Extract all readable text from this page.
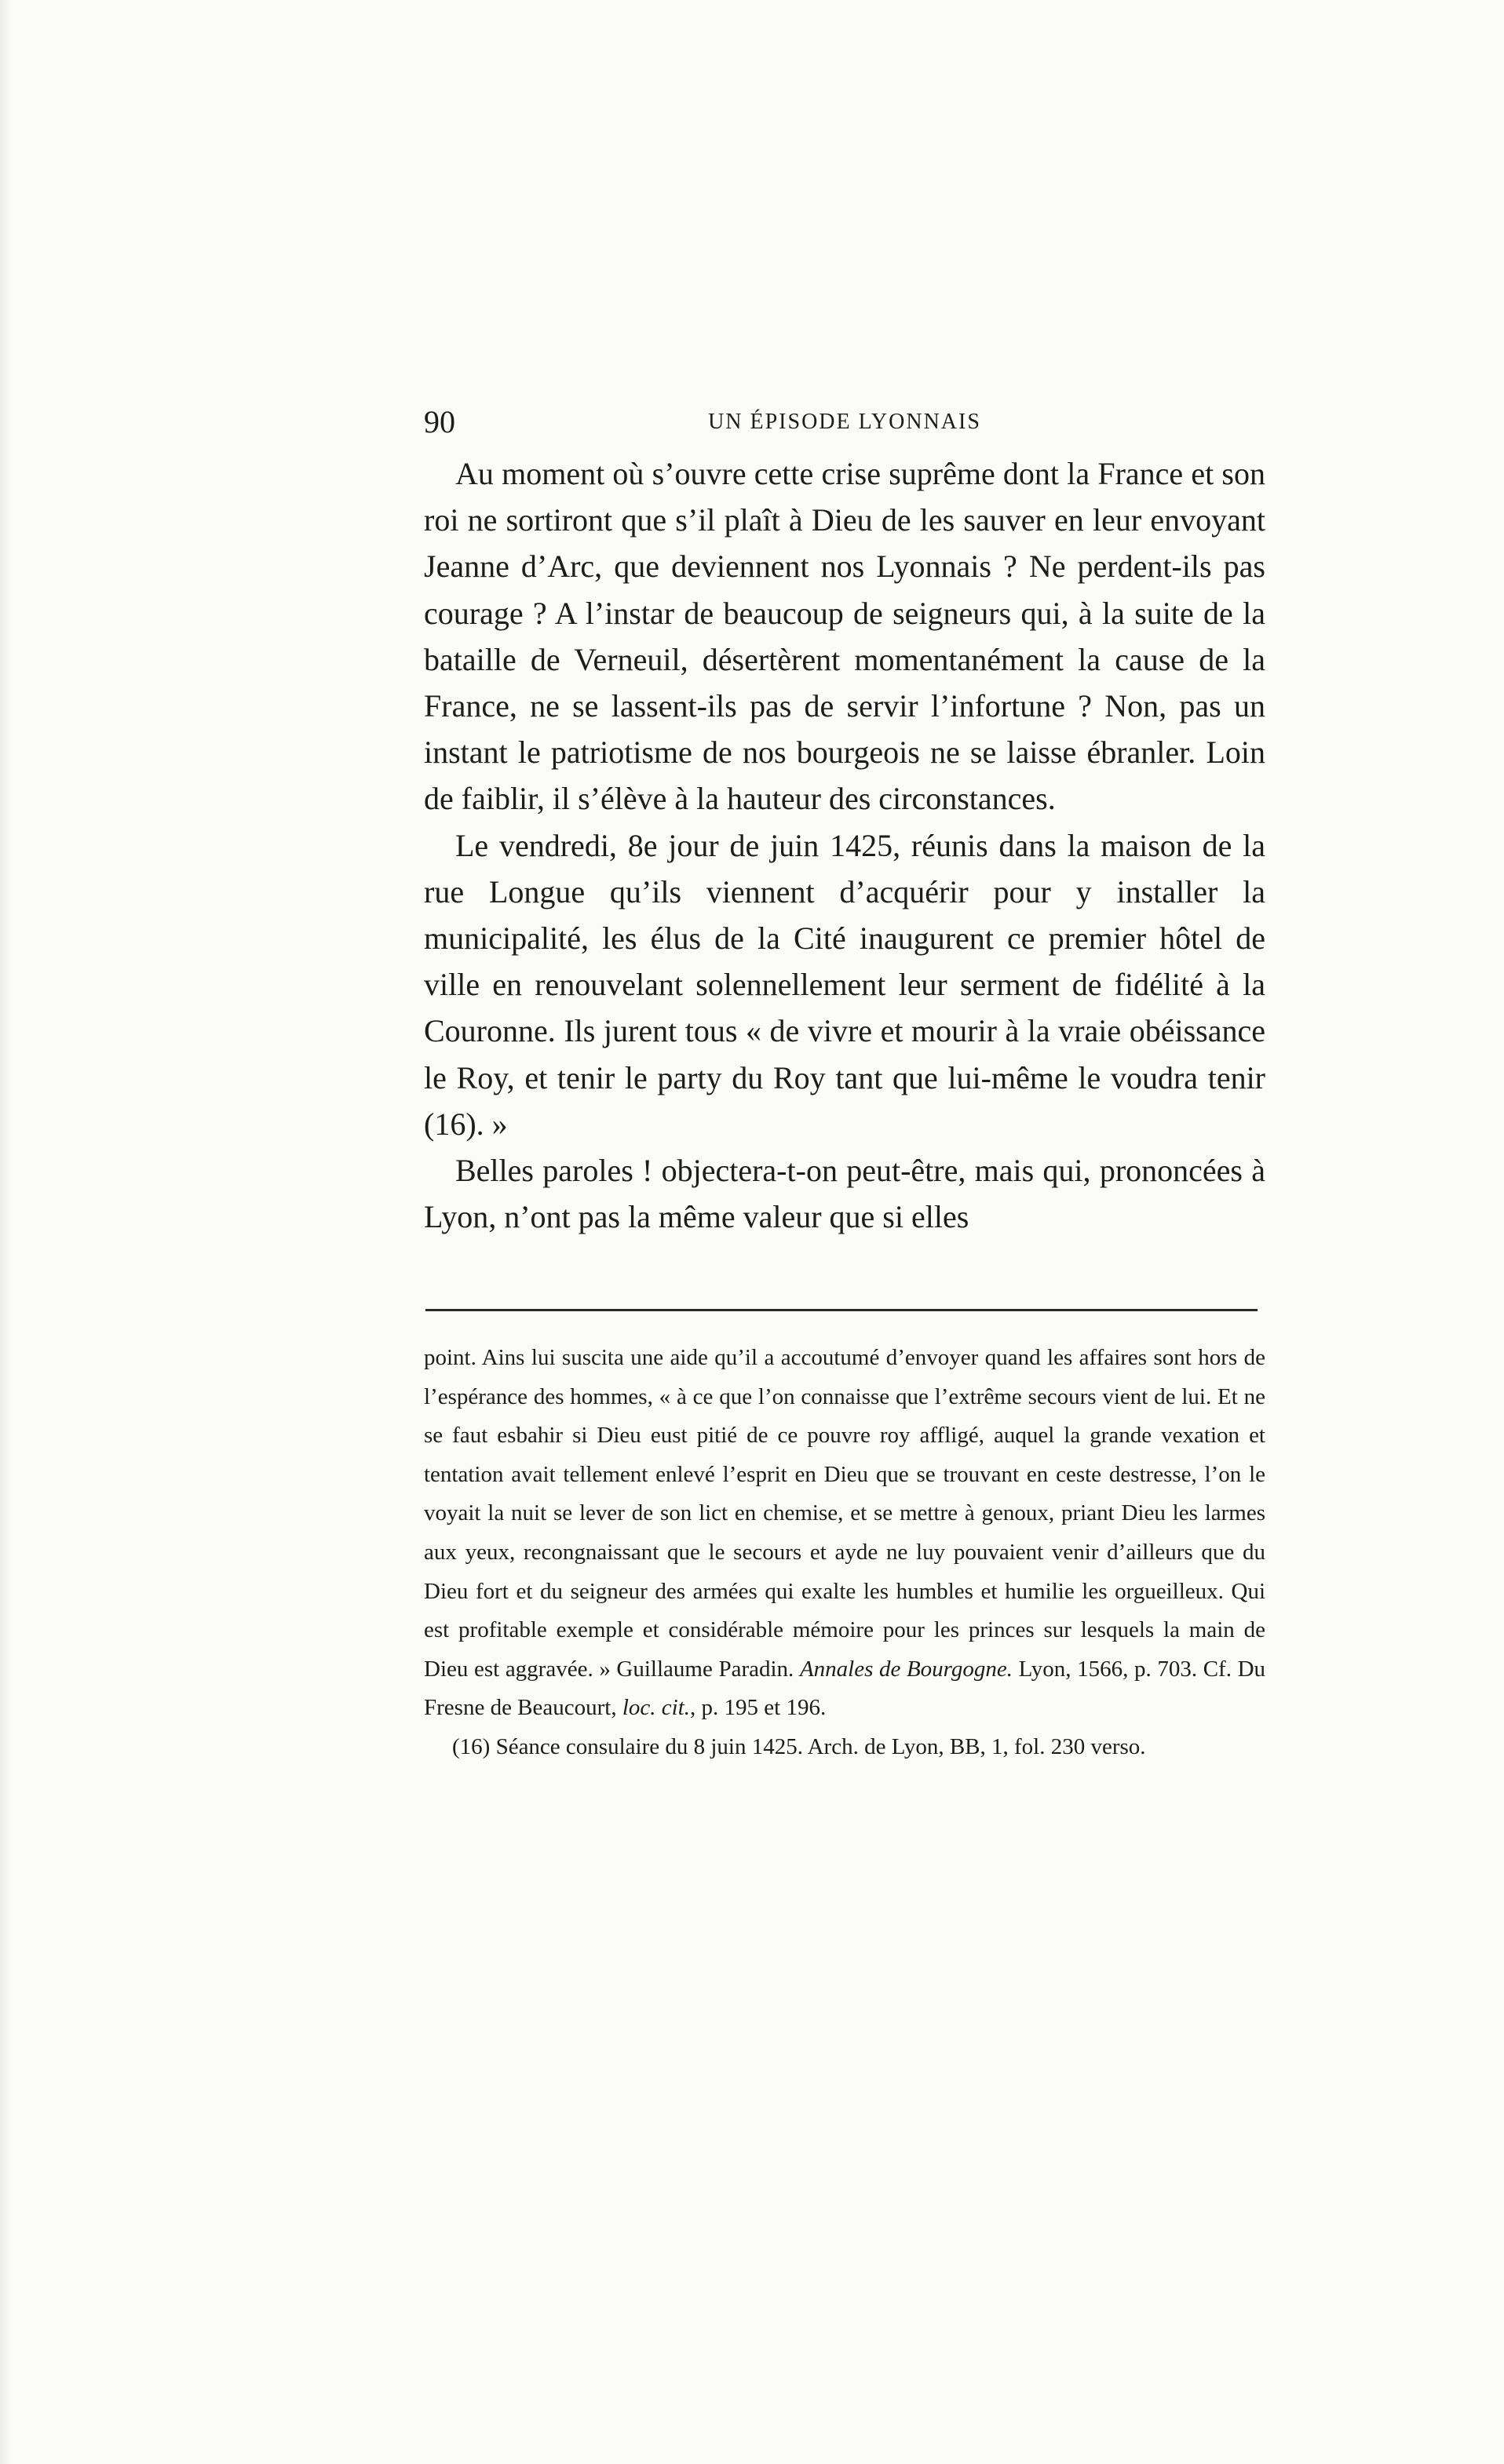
90	UN ÉPISODE LYONNAIS

Au moment où s’ouvre cette crise suprême dont la France et son roi ne sortiront que s’il plaît à Dieu de les sauver en leur envoyant Jeanne d’Arc, que deviennent nos Lyonnais ? Ne perdent-ils pas courage ? A l’instar de beaucoup de seigneurs qui, à la suite de la bataille de Verneuil, désertèrent momentanément la cause de la France, ne se lassent-ils pas de servir l’infortune ? Non, pas un instant le patriotisme de nos bourgeois ne se laisse ébranler. Loin de faiblir, il s’élève à la hauteur des circonstances.

Le vendredi, 8e jour de juin 1425, réunis dans la maison de la rue Longue qu’ils viennent d’acquérir pour y installer la municipalité, les élus de la Cité inaugurent ce premier hôtel de ville en renouvelant solennellement leur serment de fidélité à la Couronne. Ils jurent tous « de vivre et mourir à la vraie obéissance le Roy, et tenir le party du Roy tant que lui-même le voudra tenir (16). »

Belles paroles ! objectera-t-on peut-être, mais qui, prononcées à Lyon, n’ont pas la même valeur que si elles

point. Ains lui suscita une aide qu’il a accoutumé d’envoyer quand les affaires sont hors de l’espérance des hommes, « à ce que l’on connaisse que l’extrême secours vient de lui. Et ne se faut esbahir si Dieu eust pitié de ce pouvre roy affligé, auquel la grande vexation et tentation avait tellement enlevé l’esprit en Dieu que se trouvant en ceste destresse, l’on le voyait la nuit se lever de son lict en chemise, et se mettre à genoux, priant Dieu les larmes aux yeux, recongnaissant que le secours et ayde ne luy pouvaient venir d’ailleurs que du Dieu fort et du seigneur des armées qui exalte les humbles et humilie les orgueilleux. Qui est profitable exemple et considérable mémoire pour les princes sur lesquels la main de Dieu est aggravée. » Guillaume Paradin. Annales de Bourgogne. Lyon, 1566, p. 703. Cf. Du Fresne de Beaucourt, loc. cit., p. 195 et 196.

(16) Séance consulaire du 8 juin 1425. Arch. de Lyon, BB, 1, fol. 230 verso.
